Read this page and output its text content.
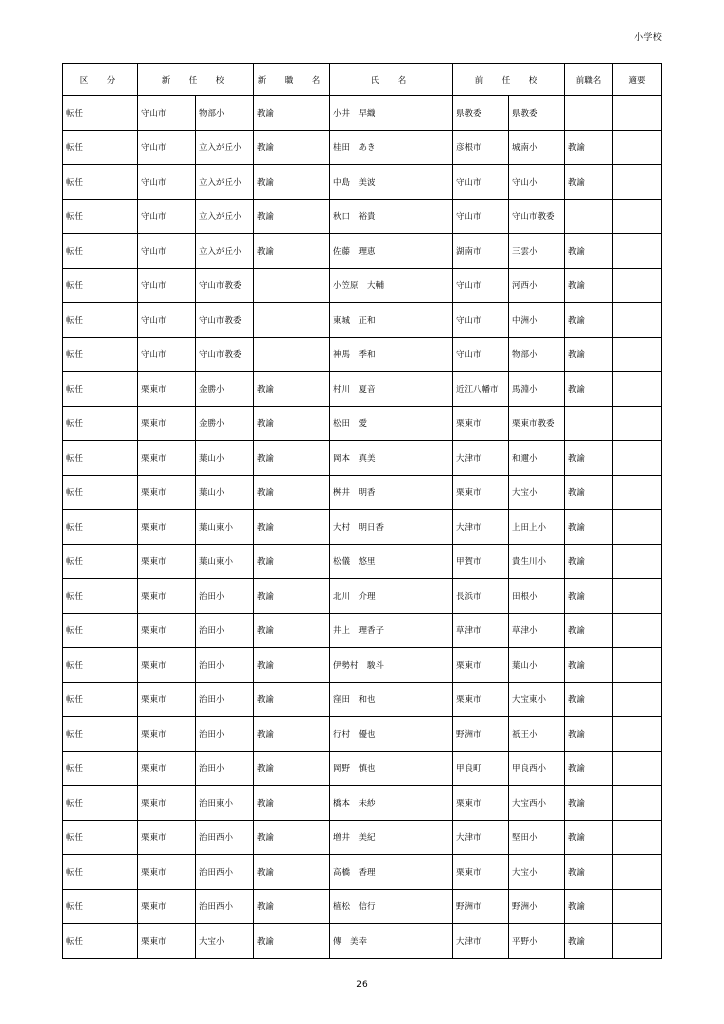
小学校
区　分	新　任　校		新　職　名	氏　名	前　任　校		前職名	適要
転任	守山市	物部小	教諭	小井　早織	県教委	県教委		
転任	守山市	立入が丘小	教諭	桂田　あき	彦根市	城南小	教諭	
転任	守山市	立入が丘小	教諭	中島　美波	守山市	守山小	教諭	
転任	守山市	立入が丘小	教諭	秋口　裕貴	守山市	守山市教委		
転任	守山市	立入が丘小	教諭	佐藤　理恵	湖南市	三雲小	教諭	
転任	守山市	守山市教委		小笠原　大輔	守山市	河西小	教諭	
転任	守山市	守山市教委		東城　正和	守山市	中洲小	教諭	
転任	守山市	守山市教委		神馬　季和	守山市	物部小	教諭	
転任	栗東市	金勝小	教諭	村川　夏音	近江八幡市	馬淵小	教諭	
転任	栗東市	金勝小	教諭	松田　愛	栗東市	栗東市教委		
転任	栗東市	葉山小	教諭	岡本　真美	大津市	和邇小	教諭	
転任	栗東市	葉山小	教諭	桝井　明香	栗東市	大宝小	教諭	
転任	栗東市	葉山東小	教諭	大村　明日香	大津市	上田上小	教諭	
転任	栗東市	葉山東小	教諭	松儀　悠里	甲賀市	貴生川小	教諭	
転任	栗東市	治田小	教諭	北川　介理	長浜市	田根小	教諭	
転任	栗東市	治田小	教諭	井上　理香子	草津市	草津小	教諭	
転任	栗東市	治田小	教諭	伊勢村　駿斗	栗東市	葉山小	教諭	
転任	栗東市	治田小	教諭	窪田　和也	栗東市	大宝東小	教諭	
転任	栗東市	治田小	教諭	行村　優也	野洲市	祇王小	教諭	
転任	栗東市	治田小	教諭	岡野　慎也	甲良町	甲良西小	教諭	
転任	栗東市	治田東小	教諭	橋本　未紗	栗東市	大宝西小	教諭	
転任	栗東市	治田西小	教諭	増井　美紀	大津市	堅田小	教諭	
転任	栗東市	治田西小	教諭	高橋　香理	栗東市	大宝小	教諭	
転任	栗東市	治田西小	教諭	植松　信行	野洲市	野洲小	教諭	
転任	栗東市	大宝小	教諭	傳　美幸	大津市	平野小	教諭	
26
